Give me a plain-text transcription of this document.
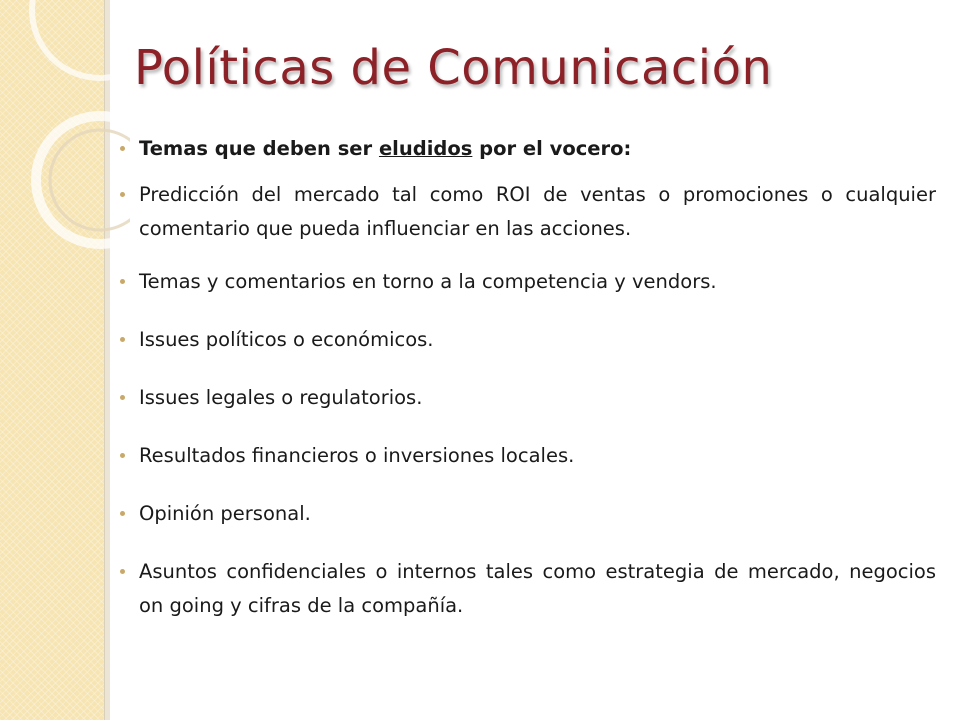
Políticas de Comunicación
Temas que deben ser eludidos por el vocero:
Predicción del mercado tal como ROI de ventas o promociones o cualquier comentario que pueda influenciar en las acciones.
Temas y comentarios en torno a la competencia y vendors.
Issues políticos o económicos.
Issues legales o regulatorios.
Resultados financieros o inversiones locales.
Opinión personal.
Asuntos confidenciales o internos tales como estrategia de mercado, negocios on going y cifras de la compañía.
